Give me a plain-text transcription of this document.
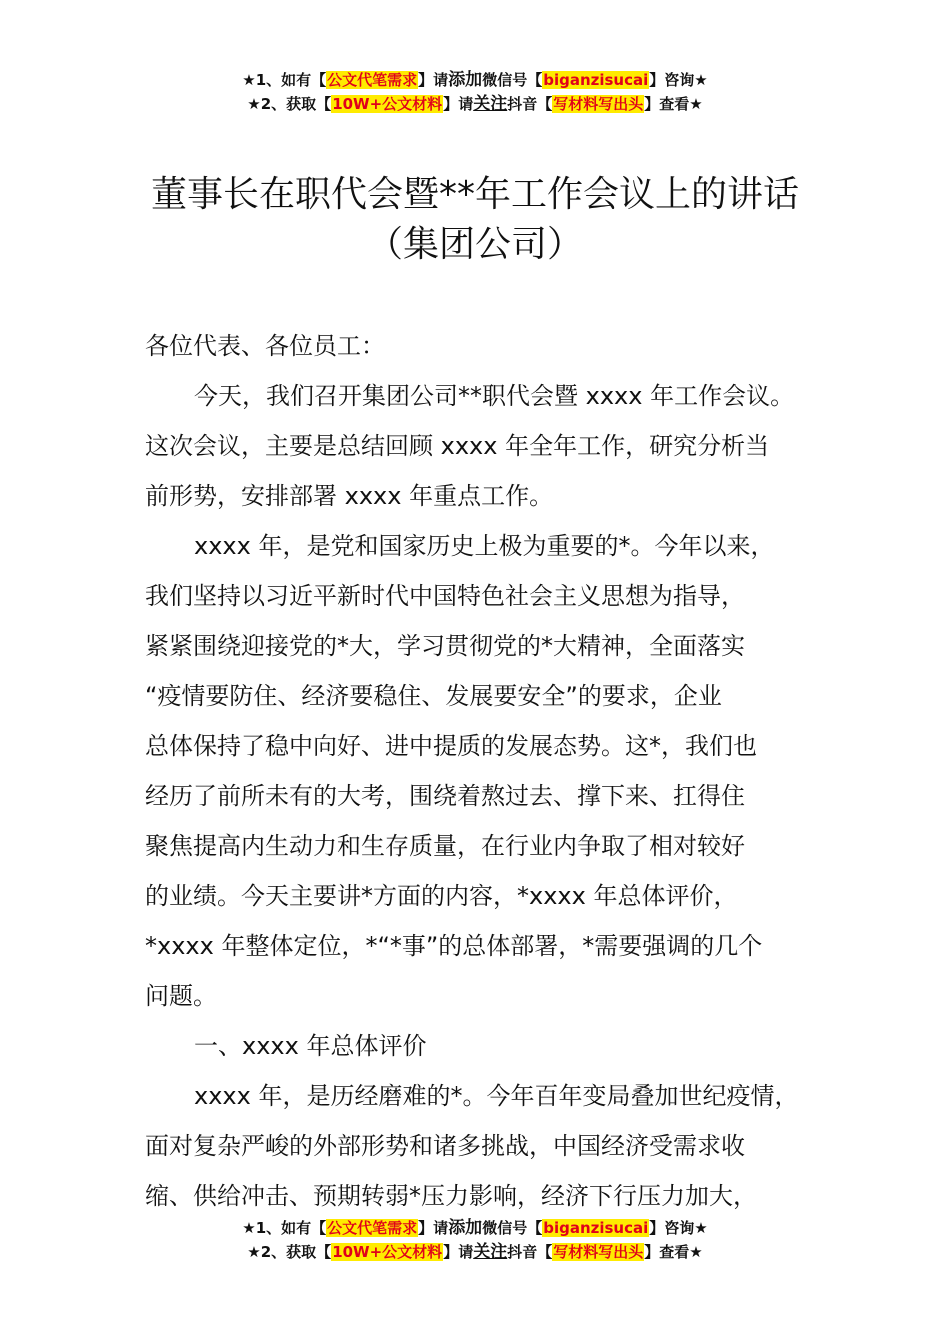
★1、如有【公文代笔需求】请添加微信号【biganzisucai】咨询★
★2、获取【10W+公文材料】请关注抖音【写材料写出头】查看★
董事长在职代会暨**年工作会议上的讲话
（集团公司）
各位代表、各位员工：
今天，我们召开集团公司**职代会暨 xxxx 年工作会议。
这次会议，主要是总结回顾 xxxx 年全年工作，研究分析当
前形势，安排部署 xxxx 年重点工作。
xxxx 年，是党和国家历史上极为重要的*。今年以来，
我们坚持以习近平新时代中国特色社会主义思想为指导，
紧紧围绕迎接党的*大，学习贯彻党的*大精神，全面落实
“疫情要防住、经济要稳住、发展要安全”的要求，企业
总体保持了稳中向好、进中提质的发展态势。这*，我们也
经历了前所未有的大考，围绕着熬过去、撑下来、扛得住
聚焦提高内生动力和生存质量，在行业内争取了相对较好
的业绩。今天主要讲*方面的内容，*xxxx 年总体评价，
*xxxx 年整体定位，*“*事”的总体部署，*需要强调的几个
问题。
一、xxxx 年总体评价
xxxx 年，是历经磨难的*。今年百年变局叠加世纪疫情，
面对复杂严峻的外部形势和诸多挑战，中国经济受需求收
缩、供给冲击、预期转弱*压力影响，经济下行压力加大，
★1、如有【公文代笔需求】请添加微信号【biganzisucai】咨询★
★2、获取【10W+公文材料】请关注抖音【写材料写出头】查看★
